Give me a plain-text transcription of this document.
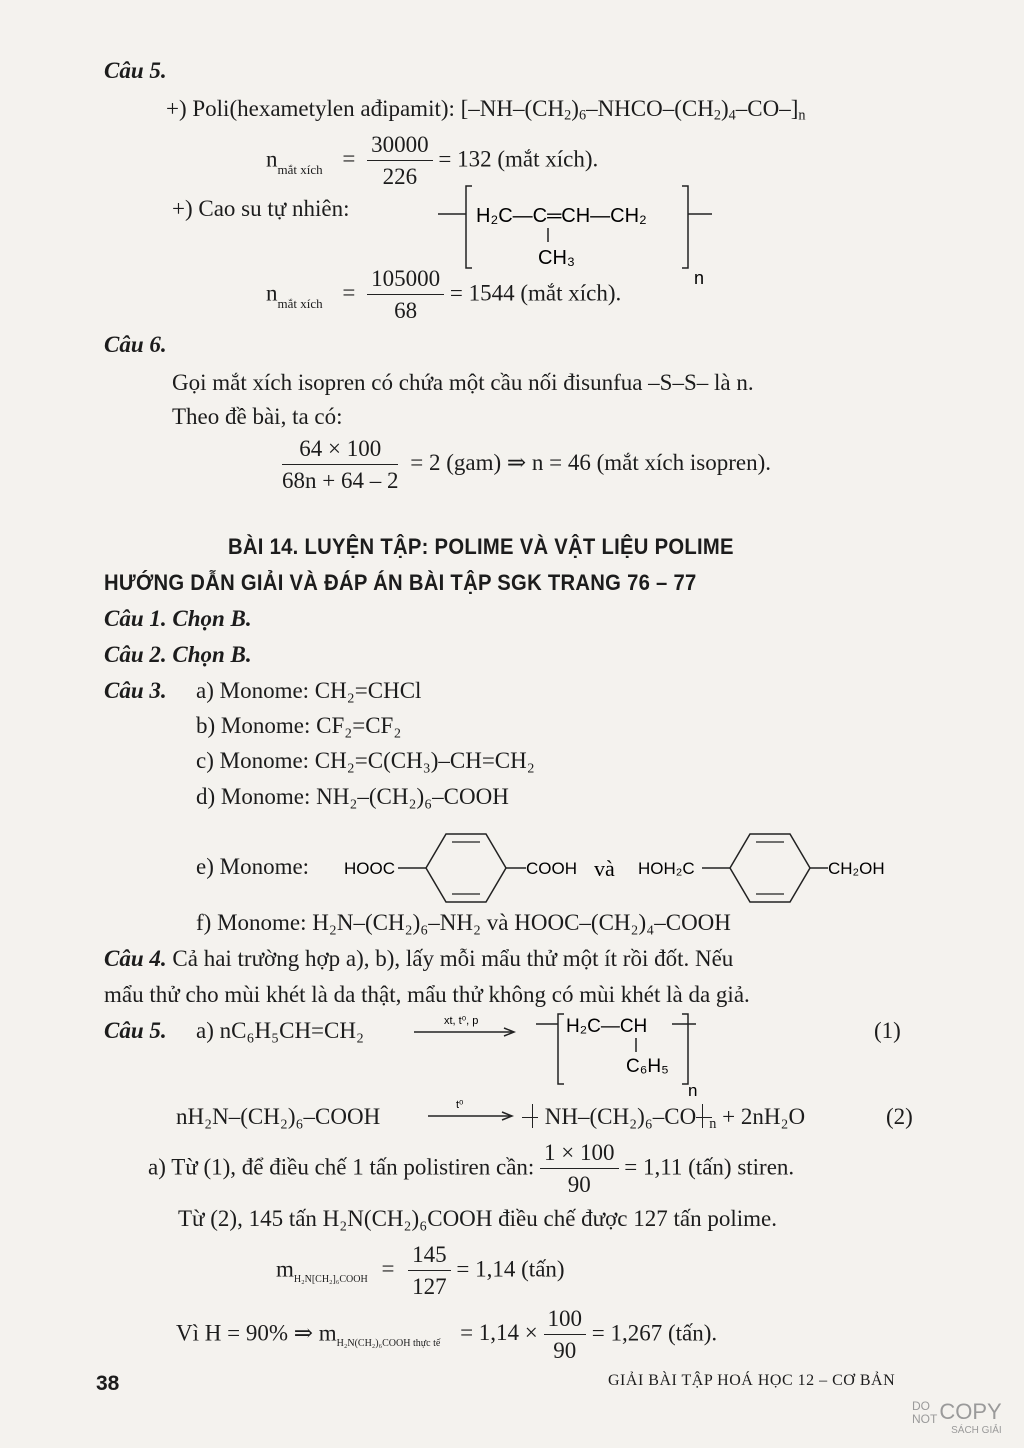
Câu 5.
+) Poli(hexametylen ađipamit): $[-NH-(CH_2)_6-NHCO-(CH_2)_4-CO-]_n$
$n_{mắt xích} = \frac{30000}{226} = 132$ (mắt xích).
+) Cao su tự nhiên:	H₂C—C═CH—CH₂
CH₃
n
$n_{mắt xích} = \frac{105000}{68} = 1544$ (mắt xích).
Câu 6.
Gọi mắt xích isopren có chứa một cầu nối đisunfua –S–S– là n.
Theo đề bài, ta có:
$\frac{64 \times 100}{68n + 64 - 2} = 2$ (gam) ⇒ n = 46 (mắt xích isopren).
BÀI 14. LUYỆN TẬP: POLIME VÀ VẬT LIỆU POLIME
HƯỚNG DẪN GIẢI VÀ ĐÁP ÁN BÀI TẬP SGK TRANG 76 – 77
Câu 1. Chọn B.
Câu 2. Chọn B.
Câu 3. a) Monome: CH₂=CHCl
b) Monome: CF₂=CF₂
c) Monome: CH₂=C(CH₃)–CH=CH₂
d) Monome: NH₂–(CH₂)₆–COOH
e) Monome: HOOC	COOH và HOH₂C	CH₂OH
f) Monome: H₂N–(CH₂)₆–NH₂ và HOOC–(CH₂)₄–COOH
Câu 4. Cả hai trường hợp a), b), lấy mỗi mẩu thử một ít rồi đốt. Nếu
mẩu thử cho mùi khét là da thật, mẩu thử không có mùi khét là da giả.
Câu 5. a) nC₆H₅CH=CH₂	xt, t⁰, p	H₂C—CH
C₆H₅
n
(1)
nH₂N–(CH₂)₆–COOH	t⁰	NH–(CH₂)₆–CO $_n$ + 2nH₂O	(2)
a) Từ (1), để điều chế 1 tấn polistiren cần: $\frac{1 \times 100}{90} = 1,11$ (tấn) stiren.
Từ (2), 145 tấn H₂N(CH₂)₆COOH điều chế được 127 tấn polime.
$m_{H_2N[CH_2]_6COOH} = \frac{145}{127} = 1,14$ (tấn)
Vì H = 90% ⇒ $m_{H_2N(CH_2)_6COOH thực tế} = 1,14 \times \frac{100}{90} = 1,267$ (tấn).
38	GIẢI BÀI TẬP HOÁ HỌC 12 – CƠ BẢN
DO
NOT COPY
SÁCH GIẢI
